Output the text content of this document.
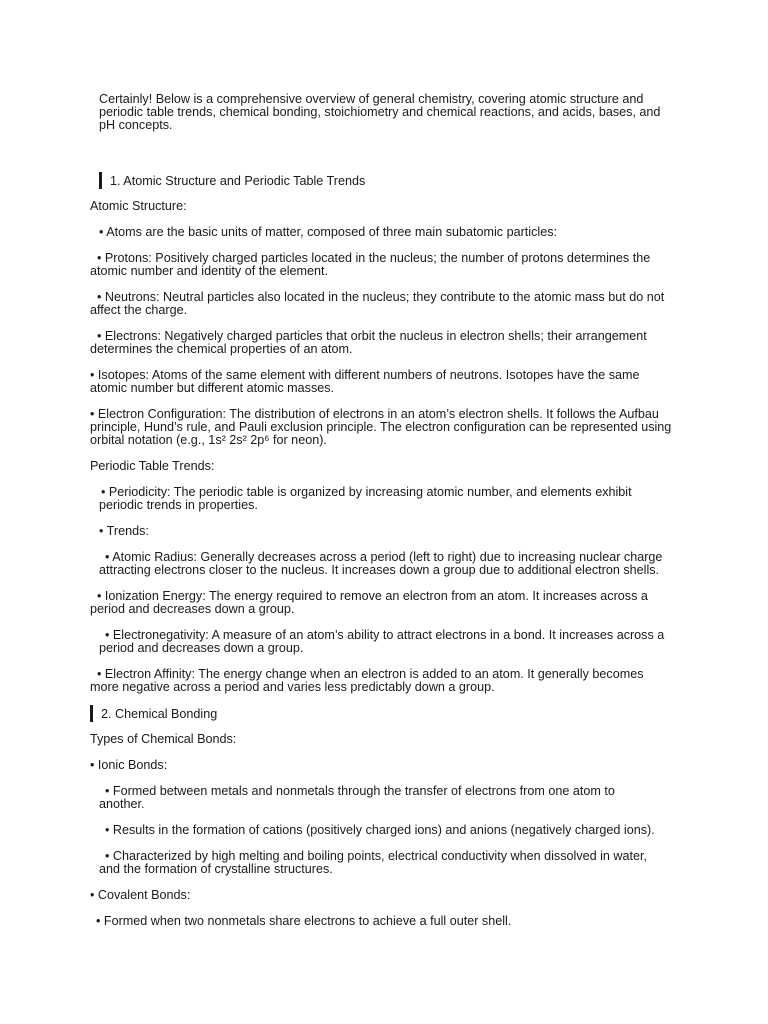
Certainly! Below is a comprehensive overview of general chemistry, covering atomic structure and periodic table trends, chemical bonding, stoichiometry and chemical reactions, and acids, bases, and pH concepts.
1. Atomic Structure and Periodic Table Trends
Atomic Structure:
• Atoms are the basic units of matter, composed of three main subatomic particles:
• Protons: Positively charged particles located in the nucleus; the number of protons determines the atomic number and identity of the element.
• Neutrons: Neutral particles also located in the nucleus; they contribute to the atomic mass but do not affect the charge.
• Electrons: Negatively charged particles that orbit the nucleus in electron shells; their arrangement determines the chemical properties of an atom.
• Isotopes: Atoms of the same element with different numbers of neutrons. Isotopes have the same atomic number but different atomic masses.
• Electron Configuration: The distribution of electrons in an atom’s electron shells. It follows the Aufbau principle, Hund’s rule, and Pauli exclusion principle. The electron configuration can be represented using orbital notation (e.g., 1s² 2s² 2p⁶ for neon).
Periodic Table Trends:
• Periodicity: The periodic table is organized by increasing atomic number, and elements exhibit periodic trends in properties.
• Trends:
• Atomic Radius: Generally decreases across a period (left to right) due to increasing nuclear charge attracting electrons closer to the nucleus. It increases down a group due to additional electron shells.
• Ionization Energy: The energy required to remove an electron from an atom. It increases across a period and decreases down a group.
• Electronegativity: A measure of an atom’s ability to attract electrons in a bond. It increases across a period and decreases down a group.
• Electron Affinity: The energy change when an electron is added to an atom. It generally becomes more negative across a period and varies less predictably down a group.
2. Chemical Bonding
Types of Chemical Bonds:
• Ionic Bonds:
• Formed between metals and nonmetals through the transfer of electrons from one atom to another.
• Results in the formation of cations (positively charged ions) and anions (negatively charged ions).
• Characterized by high melting and boiling points, electrical conductivity when dissolved in water, and the formation of crystalline structures.
• Covalent Bonds:
• Formed when two nonmetals share electrons to achieve a full outer shell.
